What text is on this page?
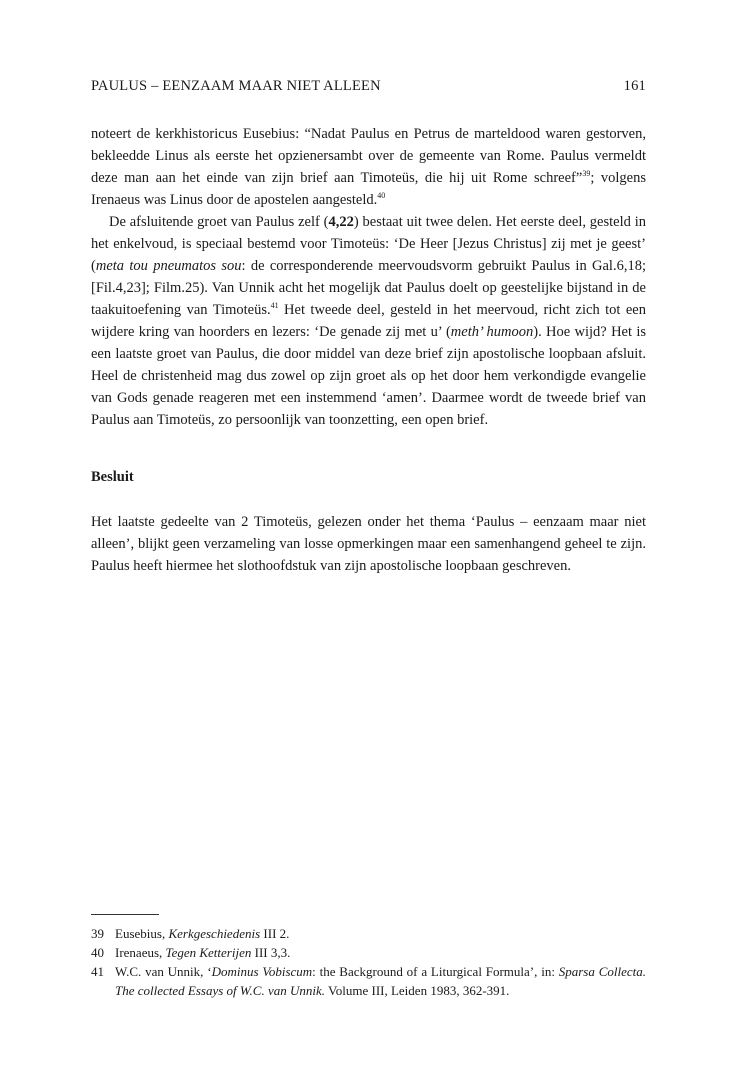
PAULUS – EENZAAM MAAR NIET ALLEEN	161

noteert de kerkhistoricus Eusebius: “Nadat Paulus en Petrus de marteldood waren gestorven, bekleedde Linus als eerste het opzienersambt over de gemeente van Rome. Paulus vermeldt deze man aan het einde van zijn brief aan Timoteüs, die hij uit Rome schreef”$^{39}$; volgens Irenaeus was Linus door de apostelen aangesteld.$^{40}$

De afsluitende groet van Paulus zelf (4,22) bestaat uit twee delen. Het eerste deel, gesteld in het enkelvoud, is speciaal bestemd voor Timoteüs: ‘De Heer [Jezus Christus] zij met je geest’ (meta tou pneumatos sou: de corresponderende meervoudsvorm gebruikt Paulus in Gal.6,18; [Fil.4,23]; Film.25). Van Unnik acht het mogelijk dat Paulus doelt op geestelijke bijstand in de taakuitoefening van Timoteüs.$^{41}$ Het tweede deel, gesteld in het meervoud, richt zich tot een wijdere kring van hoorders en lezers: ‘De genade zij met u’ (meth’ humoon). Hoe wijd? Het is een laatste groet van Paulus, die door middel van deze brief zijn apostolische loopbaan afsluit. Heel de christenheid mag dus zowel op zijn groet als op het door hem verkondigde evangelie van Gods genade reageren met een instemmend ‘amen’. Daarmee wordt de tweede brief van Paulus aan Timoteüs, zo persoonlijk van toonzetting, een open brief.

Besluit

Het laatste gedeelte van 2 Timoteüs, gelezen onder het thema ‘Paulus – eenzaam maar niet alleen’, blijkt geen verzameling van losse opmerkingen maar een samenhangend geheel te zijn. Paulus heeft hiermee het slothoofdstuk van zijn apostolische loopbaan geschreven.

39 Eusebius, Kerkgeschiedenis III 2.
40 Irenaeus, Tegen Ketterijen III 3,3.
41 W.C. van Unnik, ‘Dominus Vobiscum: the Background of a Liturgical Formula’, in: Sparsa Collecta. The collected Essays of W.C. van Unnik. Volume III, Leiden 1983, 362-391.
